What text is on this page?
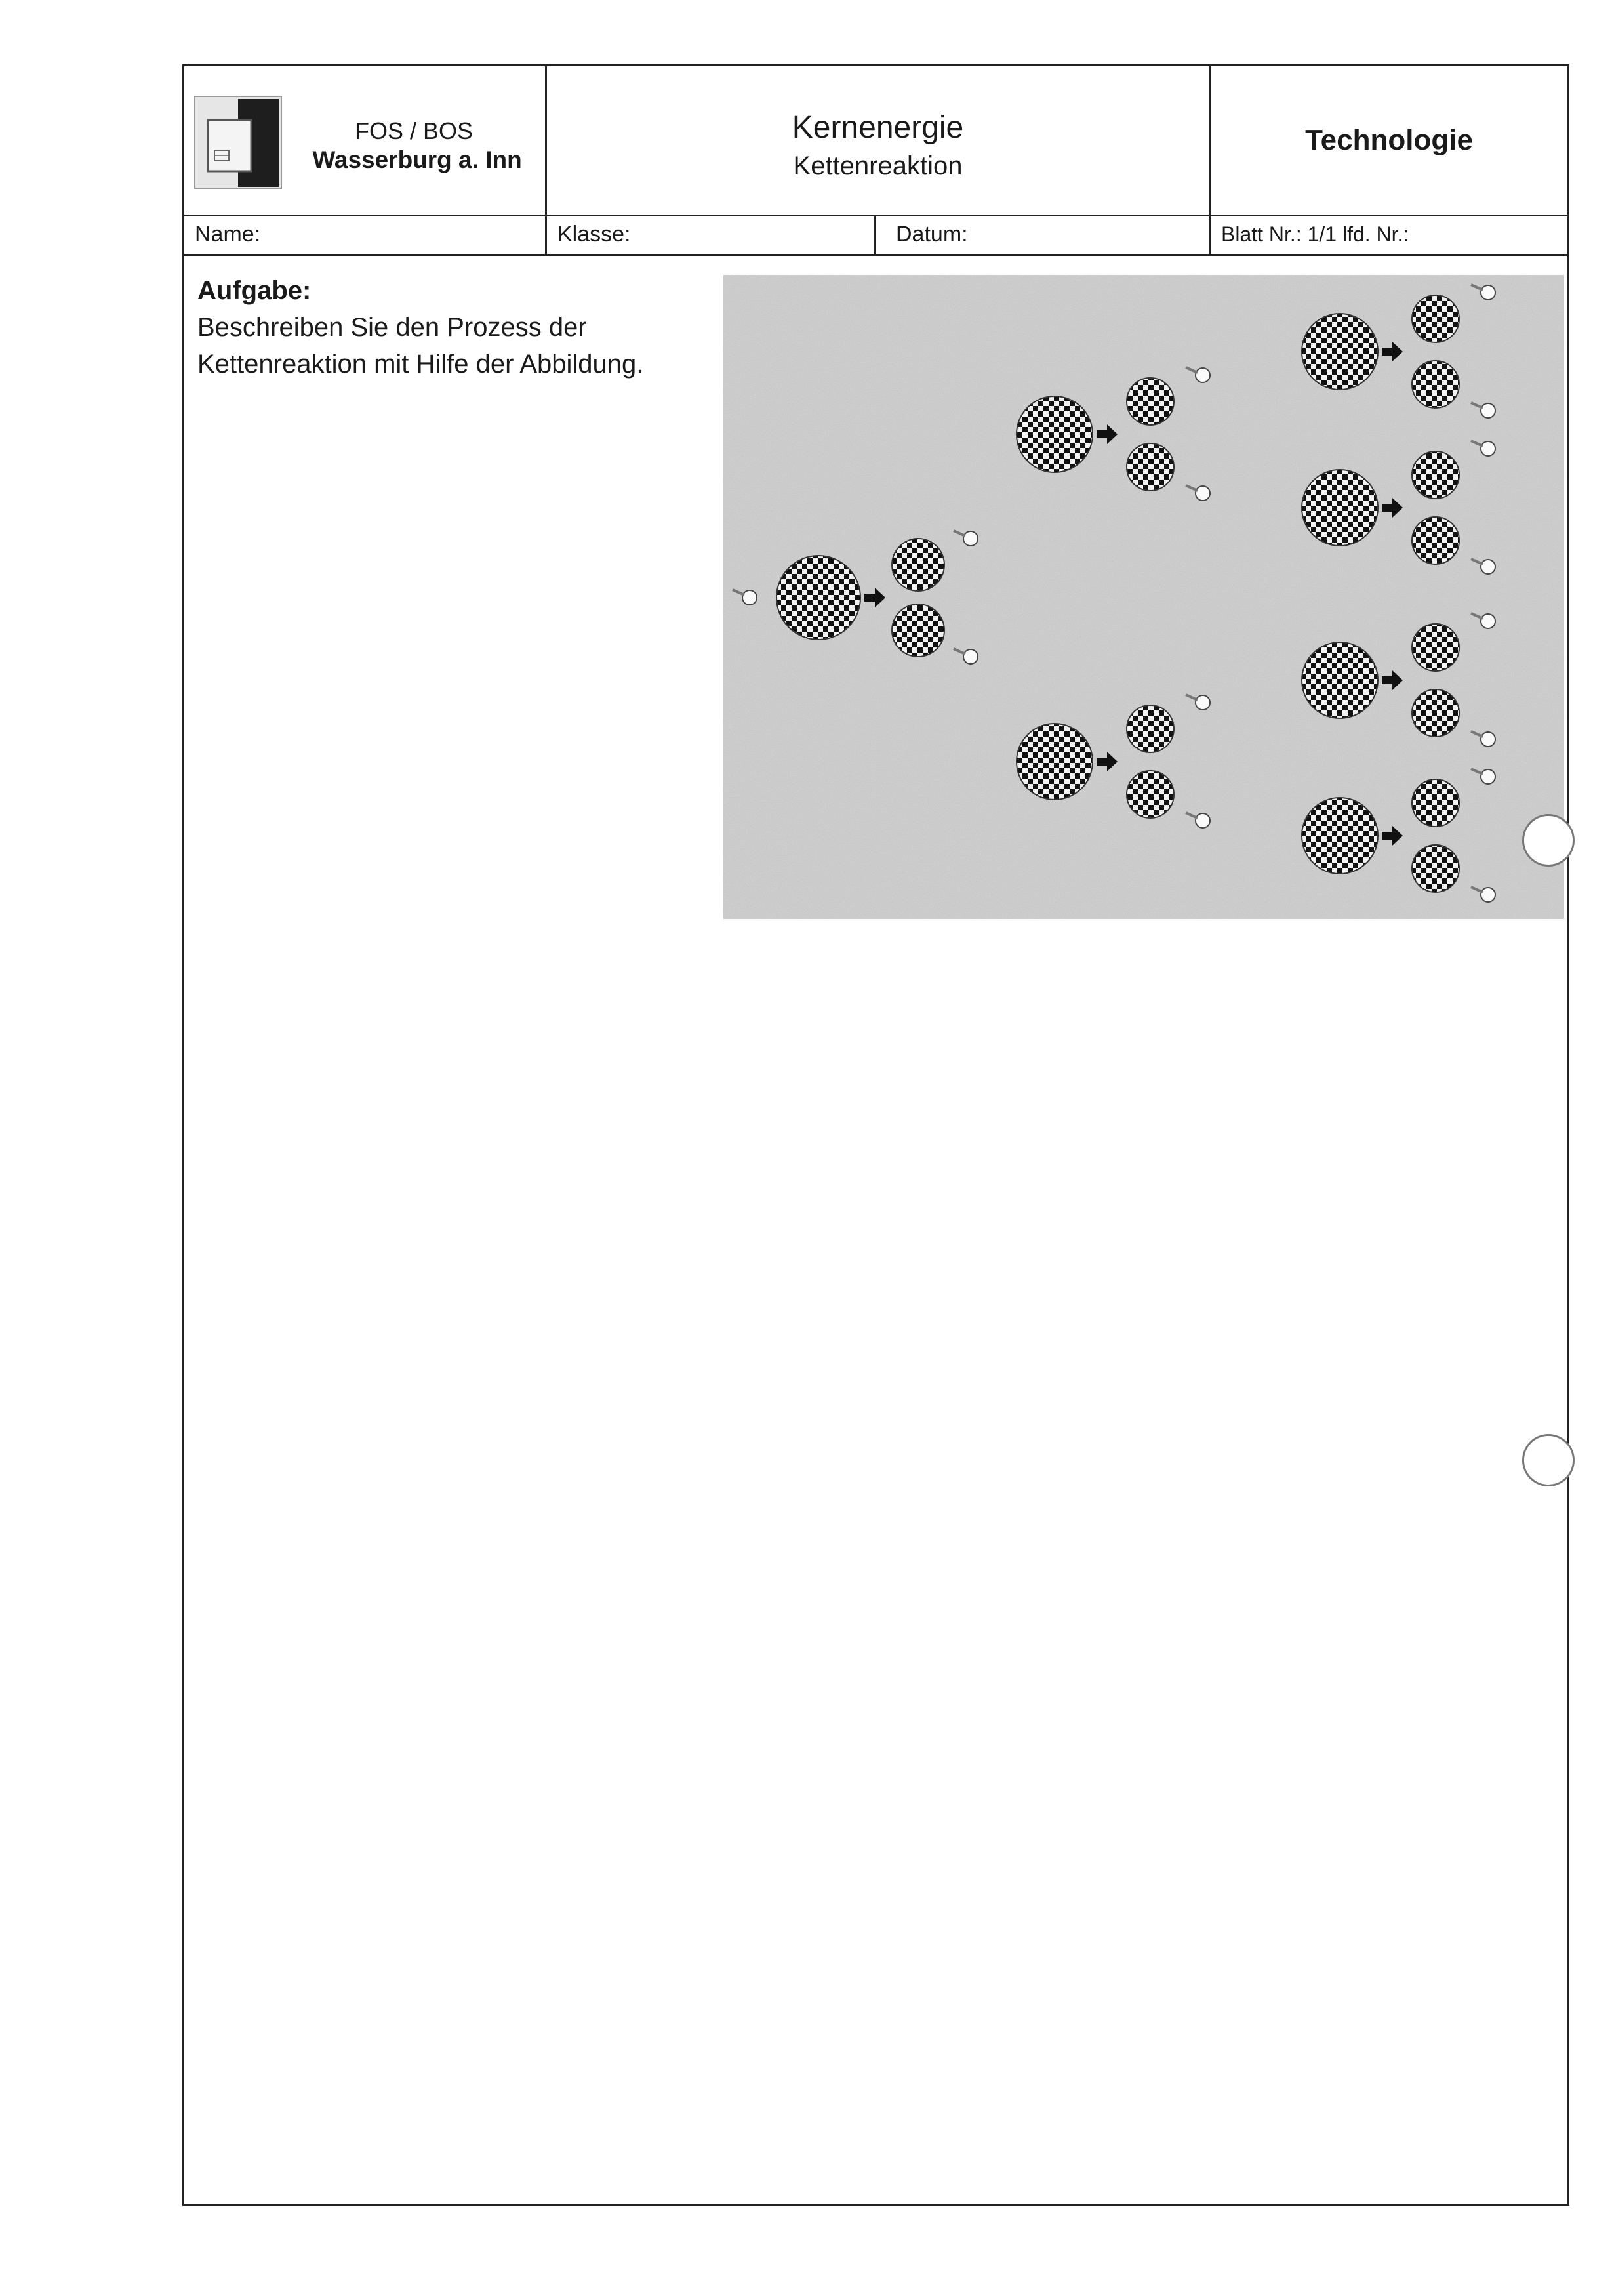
FOS / BOS
Wasserburg a. Inn
Kernenergie
Kettenreaktion
Technologie
Name:	Klasse:	Datum:	Blatt Nr.: 1/1 lfd. Nr.:
Aufgabe:
Beschreiben Sie den Prozess der Kettenreaktion mit Hilfe der Abbildung.
